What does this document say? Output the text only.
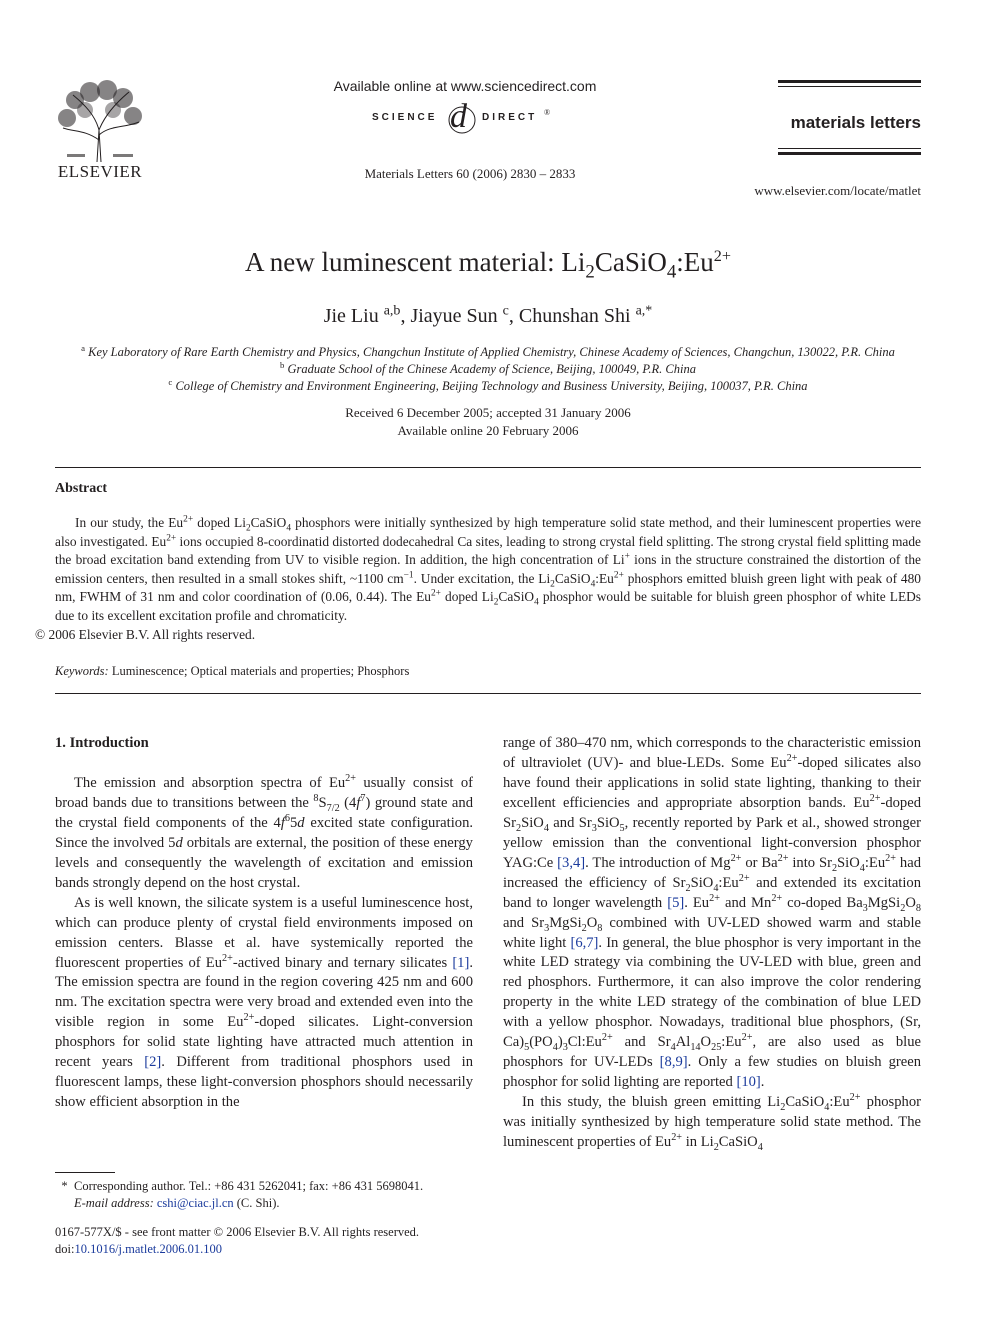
ELSEVIER
Available online at www.sciencedirect.com
SCIENCE d DIRECT ®
Materials Letters 60 (2006) 2830 – 2833
materials letters
www.elsevier.com/locate/matlet
A new luminescent material: $Li_2CaSiO_4:Eu^{2+}$
Jie Liu $^{a,b}$, Jiayue Sun $^c$, Chunshan Shi $^{a,*}$
$^a$ Key Laboratory of Rare Earth Chemistry and Physics, Changchun Institute of Applied Chemistry, Chinese Academy of Sciences, Changchun, 130022, P.R. China
$^b$ Graduate School of the Chinese Academy of Science, Beijing, 100049, P.R. China
$^c$ College of Chemistry and Environment Engineering, Beijing Technology and Business University, Beijing, 100037, P.R. China
Received 6 December 2005; accepted 31 January 2006
Available online 20 February 2006
Abstract
In our study, the $Eu^{2+}$ doped $Li_2CaSiO_4$ phosphors were initially synthesized by high temperature solid state method, and their luminescent properties were also investigated. $Eu^{2+}$ ions occupied 8-coordinatid distorted dodecahedral Ca sites, leading to strong crystal field splitting. The strong crystal field splitting made the broad excitation band extending from UV to visible region. In addition, the high concentration of Li+ ions in the structure constrained the distortion of the emission centers, then resulted in a small stokes shift, ~1100 $cm^{-1}$. Under excitation, the $Li_2CaSiO_4:Eu^{2+}$ phosphors emitted bluish green light with peak of 480 nm, FWHM of 31 nm and color coordination of (0.06, 0.44). The $Eu^{2+}$ doped $Li_2CaSiO_4$ phosphor would be suitable for bluish green phosphor of white LEDs due to its excellent excitation profile and chromaticity.
© 2006 Elsevier B.V. All rights reserved.
Keywords: Luminescence; Optical materials and properties; Phosphors
1. Introduction

The emission and absorption spectra of $Eu^{2+}$ usually consist of broad bands due to transitions between the $^8S_{7/2}$ $(4f^7)$ ground state and the crystal field components of the $4f^65d$ excited state configuration. Since the involved 5d orbitals are external, the position of these energy levels and consequently the wavelength of excitation and emission bands strongly depend on the host crystal.

As is well known, the silicate system is a useful luminescence host, which can produce plenty of crystal field environments imposed on emission centers. Blasse et al. have systemically reported the fluorescent properties of $Eu^{2+}$-actived binary and ternary silicates [1]. The emission spectra are found in the region covering 425 nm and 600 nm. The excitation spectra were very broad and extended even into the visible region in some $Eu^{2+}$-doped silicates. Light-conversion phosphors for solid state lighting have attracted much attention in recent years [2]. Different from traditional phosphors used in fluorescent lamps, these light-conversion phosphors should necessarily show efficient absorption in the

range of 380–470 nm, which corresponds to the characteristic emission of ultraviolet (UV)- and blue-LEDs. Some $Eu^{2+}$-doped silicates also have found their applications in solid state lighting, thanking to their excellent efficiencies and appropriate absorption bands. $Eu^{2+}$-doped $Sr_2SiO_4$ and $Sr_3SiO_5$, recently reported by Park et al., showed stronger yellow emission than the conventional light-conversion phosphor YAG:Ce [3,4]. The introduction of $Mg^{2+}$ or $Ba^{2+}$ into $Sr_2SiO_4:Eu^{2+}$ had increased the efficiency of $Sr_2SiO_4:Eu^{2+}$ and extended its excitation band to longer wavelength [5]. $Eu^{2+}$ and $Mn^{2+}$ co-doped $Ba_3MgSi_2O_8$ and $Sr_3MgSi_2O_8$ combined with UV-LED showed warm and stable white light [6,7]. In general, the blue phosphor is very important in the white LED strategy via combining the UV-LED with blue, green and red phosphors. Furthermore, it can also improve the color rendering property in the white LED strategy of the combination of blue LED with a yellow phosphor. Nowadays, traditional blue phosphors, (Sr, $Ca)_5(PO_4)_3Cl:Eu^{2+}$ and $Sr_4Al_{14}O_{25}:Eu^{2+}$, are also used as blue phosphors for UV-LEDs [8,9]. Only a few studies on bluish green phosphor for solid lighting are reported [10].

In this study, the bluish green emitting $Li_2CaSiO_4:Eu^{2+}$ phosphor was initially synthesized by high temperature solid state method. The luminescent properties of $Eu^{2+}$ in $Li_2CaSiO_4$

* Corresponding author. Tel.: +86 431 5262041; fax: +86 431 5698041.
E-mail address: cshi@ciac.jl.cn (C. Shi).
0167-577X/$ - see front matter © 2006 Elsevier B.V. All rights reserved.
doi:10.1016/j.matlet.2006.01.100
